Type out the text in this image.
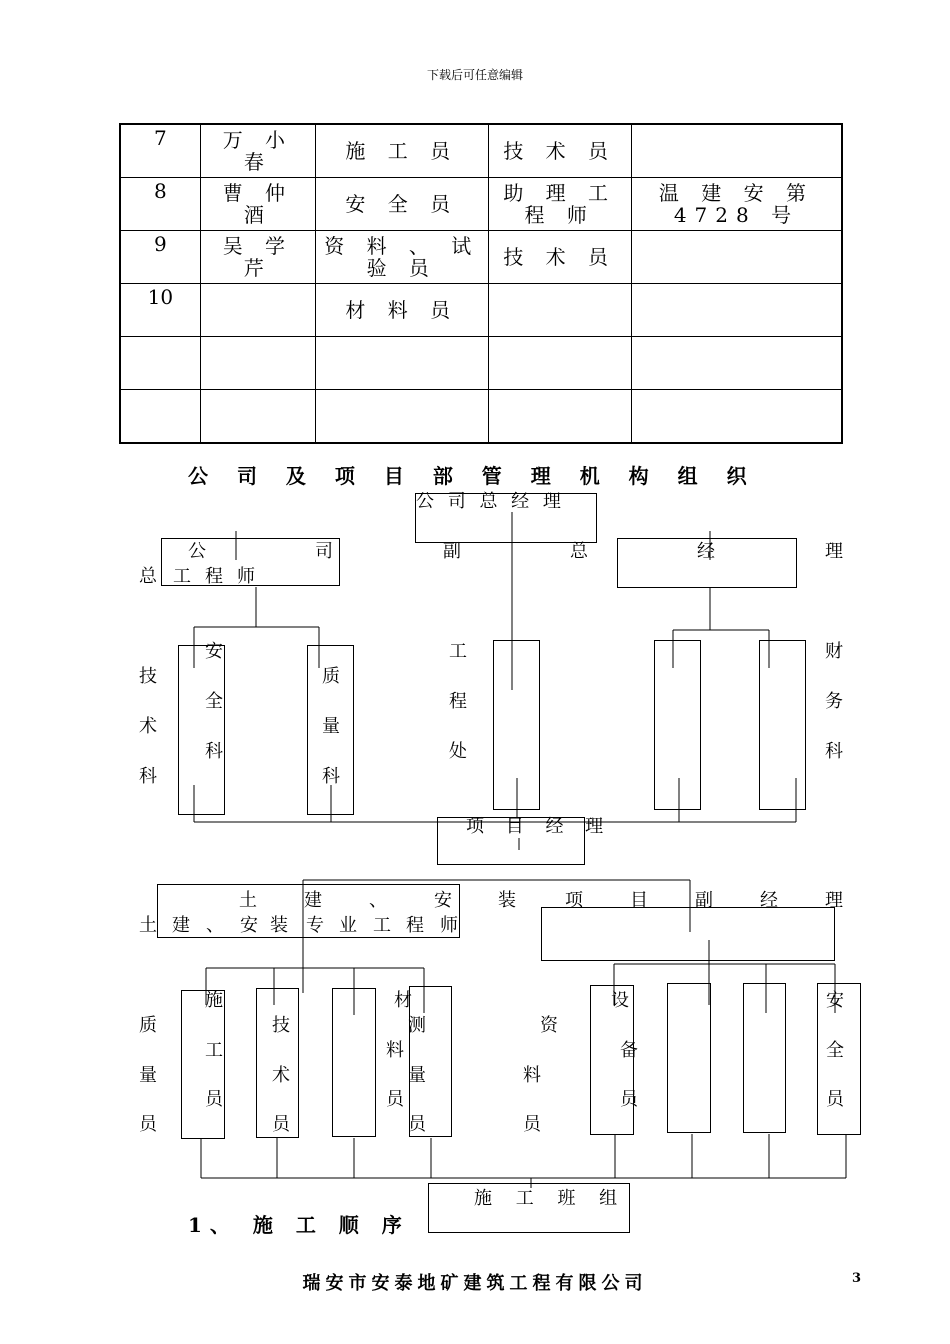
下载后可任意编辑
7	万 小 春	施 工 员	技 术 员	
8	曹 仲 酒	安 全 员	助 理 工 程 师	温 建 安 第 4728 号
9	吴 学 芹	资 料 、 试 验 员	技 术 员	
10		材 料 员		

公 司 及 项 目 部 管 理 机 构 组 织
公 司 总 经 理
公	司
总 工 程 师
副	总	经	理
技
术
科
安
全
科
质
量
科
工
程
处
财
务
科
项 目 经 理
土	建	、	安	装	项	目	副	经	理
土 建 、 安 装 专 业 工 程 师
质
量
员
施
工
员
技
术
员
材
料
员
测
量
员
资
料
员
设
备
员
安
全
员
施 工 班 组
1、 施 工 顺 序
瑞安市安泰地矿建筑工程有限公司	3
